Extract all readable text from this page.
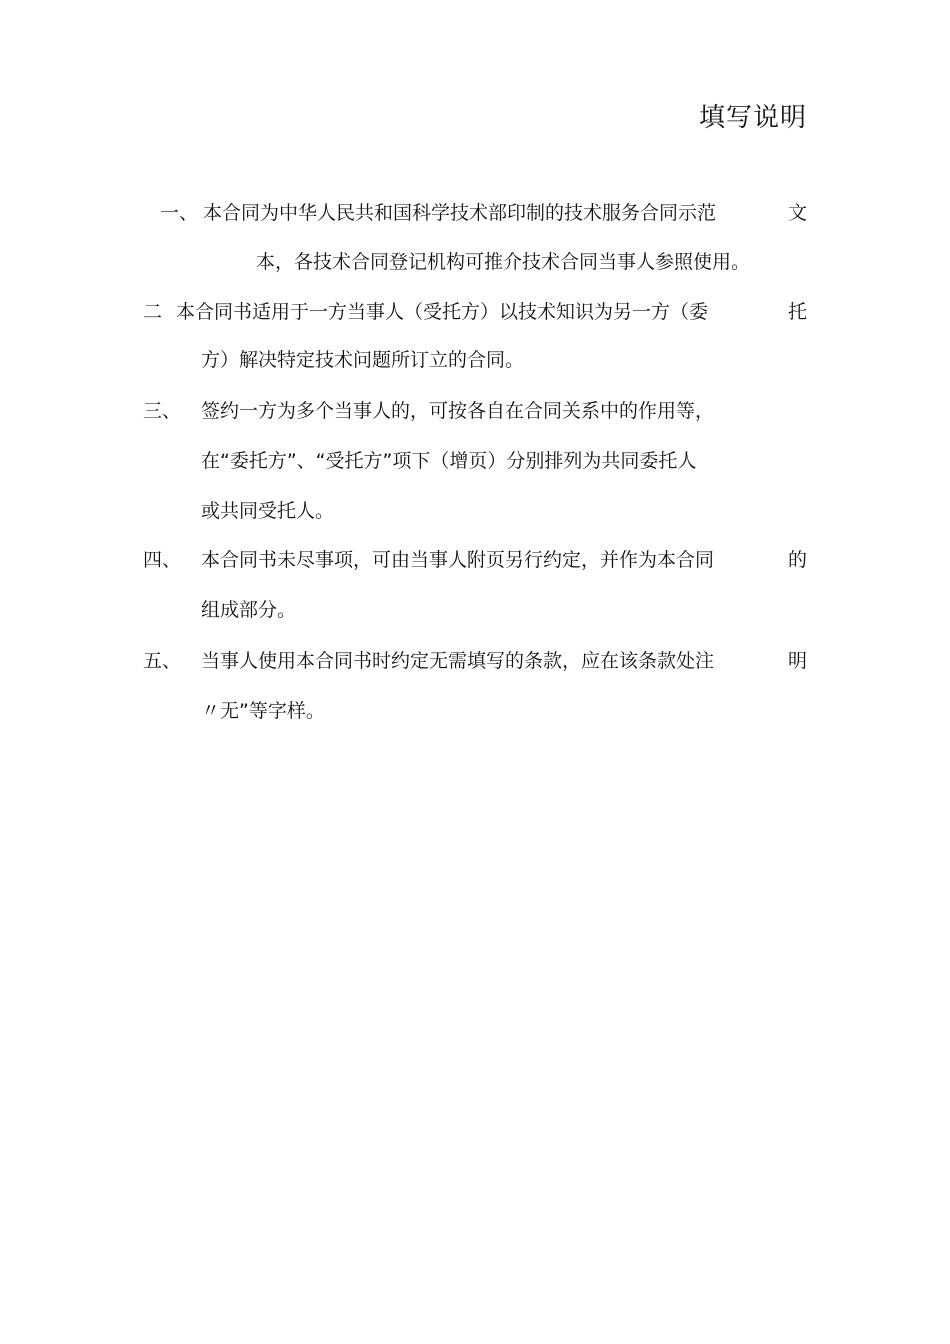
填写说明
一、 本合同为中华人民共和国科学技术部印制的技术服务合同示范	文
本，各技术合同登记机构可推介技术合同当事人参照使用。
二 本合同书适用于一方当事人（受托方）以技术知识为另一方（委	托
方）解决特定技术问题所订立的合同。
三、 签约一方为多个当事人的，可按各自在合同关系中的作用等，
在“委托方”、“受托方”项下（增页）分别排列为共同委托人
或共同受托人。
四、 本合同书未尽事项，可由当事人附页另行约定，并作为本合同	的
组成部分。
五、 当事人使用本合同书时约定无需填写的条款，应在该条款处注	明
〃无”等字样。
